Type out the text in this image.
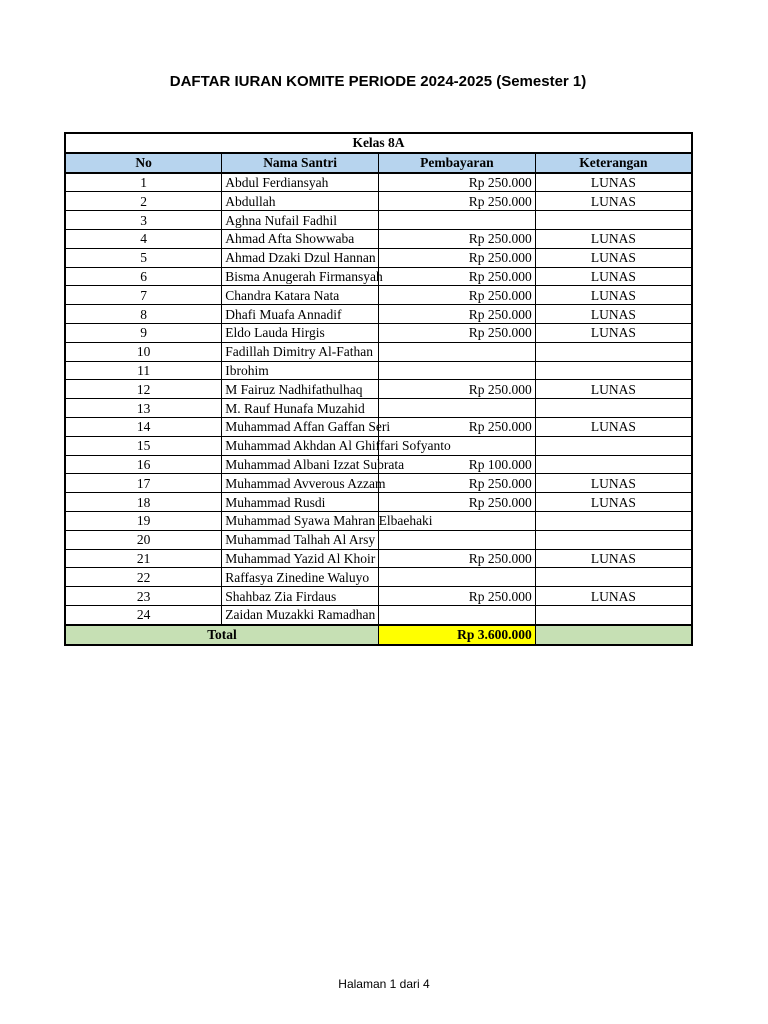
DAFTAR IURAN KOMITE PERIODE 2024-2025 (Semester 1)
Kelas 8A			
No	Nama Santri	Pembayaran	Keterangan
1	Abdul Ferdiansyah	Rp 250.000	LUNAS
2	Abdullah	Rp 250.000	LUNAS
3	Aghna Nufail Fadhil		
4	Ahmad Afta Showwaba	Rp 250.000	LUNAS
5	Ahmad Dzaki Dzul Hannan	Rp 250.000	LUNAS
6	Bisma Anugerah Firmansyah	Rp 250.000	LUNAS
7	Chandra Katara Nata	Rp 250.000	LUNAS
8	Dhafi Muafa Annadif	Rp 250.000	LUNAS
9	Eldo Lauda Hirgis	Rp 250.000	LUNAS
10	Fadillah Dimitry Al-Fathan		
11	Ibrohim		
12	M Fairuz Nadhifathulhaq	Rp 250.000	LUNAS
13	M. Rauf Hunafa Muzahid		
14	Muhammad Affan Gaffan Seri	Rp 250.000	LUNAS
15	Muhammad Akhdan Al Ghiffari Sofyanto		
16	Muhammad Albani Izzat Subrata	Rp 100.000	
17	Muhammad Avverous Azzam	Rp 250.000	LUNAS
18	Muhammad Rusdi	Rp 250.000	LUNAS
19	Muhammad Syawa Mahran Elbaehaki		
20	Muhammad Talhah Al Arsy		
21	Muhammad Yazid Al Khoir	Rp 250.000	LUNAS
22	Raffasya Zinedine Waluyo		
23	Shahbaz Zia Firdaus	Rp 250.000	LUNAS
24	Zaidan Muzakki Ramadhan		
Total		Rp 3.600.000	
Halaman 1 dari 4
